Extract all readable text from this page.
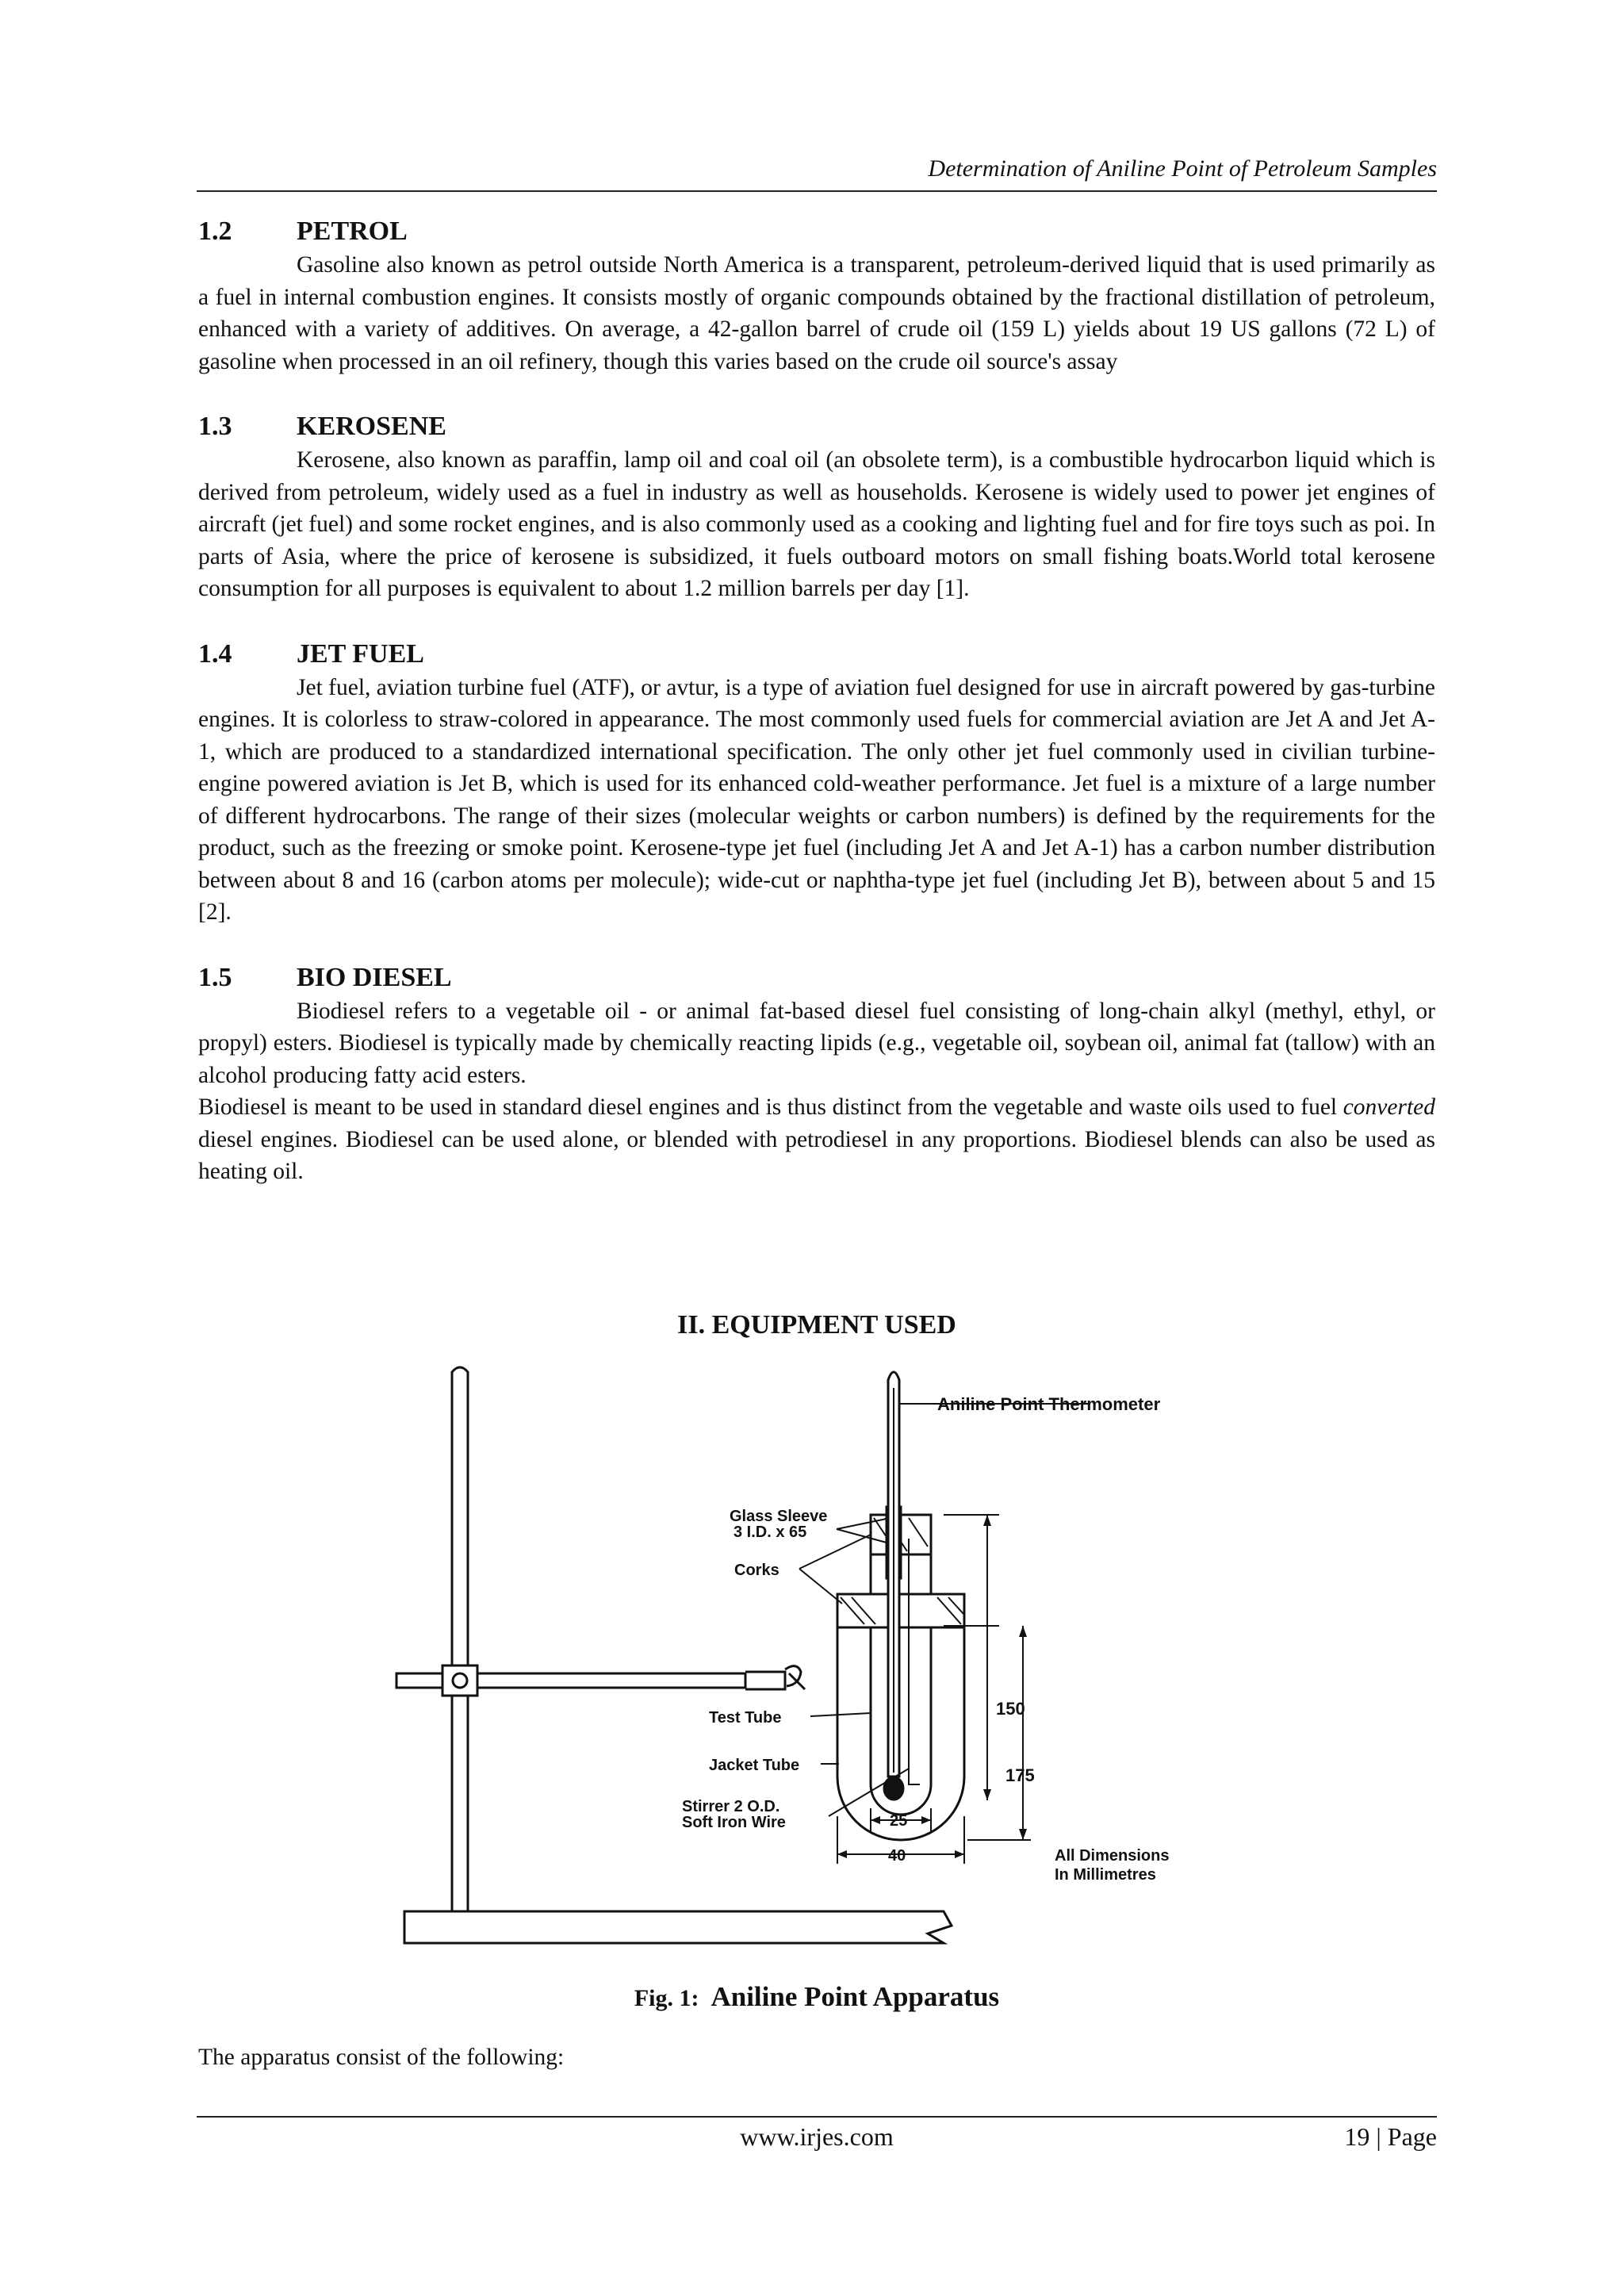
Determination of Aniline Point of Petroleum Samples
1.2 PETROL

Gasoline also known as petrol outside North America is a transparent, petroleum-derived liquid that is used primarily as a fuel in internal combustion engines. It consists mostly of organic compounds obtained by the fractional distillation of petroleum, enhanced with a variety of additives. On average, a 42-gallon barrel of crude oil (159 L) yields about 19 US gallons (72 L) of gasoline when processed in an oil refinery, though this varies based on the crude oil source's assay

1.3 KEROSENE

Kerosene, also known as paraffin, lamp oil and coal oil (an obsolete term), is a combustible hydrocarbon liquid which is derived from petroleum, widely used as a fuel in industry as well as households. Kerosene is widely used to power jet engines of aircraft (jet fuel) and some rocket engines, and is also commonly used as a cooking and lighting fuel and for fire toys such as poi. In parts of Asia, where the price of kerosene is subsidized, it fuels outboard motors on small fishing boats.World total kerosene consumption for all purposes is equivalent to about 1.2 million barrels per day [1].

1.4 JET FUEL

Jet fuel, aviation turbine fuel (ATF), or avtur, is a type of aviation fuel designed for use in aircraft powered by gas-turbine engines. It is colorless to straw-colored in appearance. The most commonly used fuels for commercial aviation are Jet A and Jet A-1, which are produced to a standardized international specification. The only other jet fuel commonly used in civilian turbine-engine powered aviation is Jet B, which is used for its enhanced cold-weather performance. Jet fuel is a mixture of a large number of different hydrocarbons. The range of their sizes (molecular weights or carbon numbers) is defined by the requirements for the product, such as the freezing or smoke point. Kerosene-type jet fuel (including Jet A and Jet A-1) has a carbon number distribution between about 8 and 16 (carbon atoms per molecule); wide-cut or naphtha-type jet fuel (including Jet B), between about 5 and 15 [2].

1.5 BIO DIESEL

Biodiesel refers to a vegetable oil - or animal fat-based diesel fuel consisting of long-chain alkyl (methyl, ethyl, or propyl) esters. Biodiesel is typically made by chemically reacting lipids (e.g., vegetable oil, soybean oil, animal fat (tallow) with an alcohol producing fatty acid esters.

Biodiesel is meant to be used in standard diesel engines and is thus distinct from the vegetable and waste oils used to fuel converted diesel engines. Biodiesel can be used alone, or blended with petrodiesel in any proportions. Biodiesel blends can also be used as heating oil.

II. EQUIPMENT USED
Aniline Point Thermometer
Glass Sleeve
3 I.D. x 65
Corks
Test Tube
Jacket Tube
Stirrer 2 O.D.
Soft Iron Wire
150
175
25
40	All Dimensions
In Millimetres
Fig. 1: Aniline Point Apparatus
The apparatus consist of the following:
www.irjes.com	19 | Page
